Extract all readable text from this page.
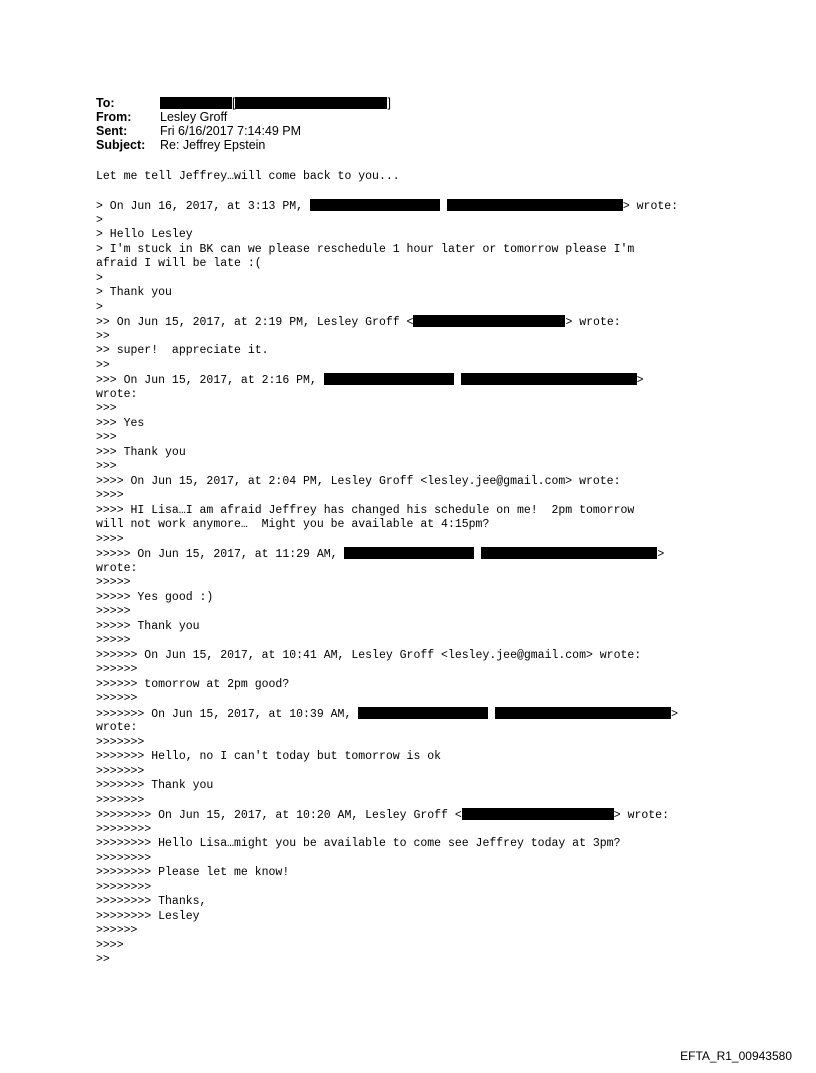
To:	[	]
From:	Lesley Groff
Sent:	Fri 6/16/2017 7:14:49 PM
Subject:	Re: Jeffrey Epstein
Let me tell Jeffrey…will come back to you...
> On Jun 16, 2017, at 3:13 PM,	> wrote:
>
> Hello Lesley
> I'm stuck in BK can we please reschedule 1 hour later or tomorrow please I'm
afraid I will be late :(
>
> Thank you
>
>> On Jun 15, 2017, at 2:19 PM, Lesley Groff <	> wrote:
>>
>> super!  appreciate it.
>>
>>> On Jun 15, 2017, at 2:16 PM,	>
wrote:
>>>
>>> Yes
>>>
>>> Thank you
>>>
>>>> On Jun 15, 2017, at 2:04 PM, Lesley Groff <lesley.jee@gmail.com> wrote:
>>>>
>>>> HI Lisa…I am afraid Jeffrey has changed his schedule on me!  2pm tomorrow
will not work anymore…  Might you be available at 4:15pm?
>>>>
>>>>> On Jun 15, 2017, at 11:29 AM,	>
wrote:
>>>>>
>>>>> Yes good :)
>>>>>
>>>>> Thank you
>>>>>
>>>>>> On Jun 15, 2017, at 10:41 AM, Lesley Groff <lesley.jee@gmail.com> wrote:
>>>>>>
>>>>>> tomorrow at 2pm good?
>>>>>>
>>>>>>> On Jun 15, 2017, at 10:39 AM,	>
wrote:
>>>>>>>
>>>>>>> Hello, no I can't today but tomorrow is ok
>>>>>>>
>>>>>>> Thank you
>>>>>>>
>>>>>>>> On Jun 15, 2017, at 10:20 AM, Lesley Groff <	> wrote:
>>>>>>>>
>>>>>>>> Hello Lisa…might you be available to come see Jeffrey today at 3pm?
>>>>>>>>
>>>>>>>> Please let me know!
>>>>>>>>
>>>>>>>> Thanks,
>>>>>>>> Lesley
>>>>>>
>>>>
>>
EFTA_R1_00943580
